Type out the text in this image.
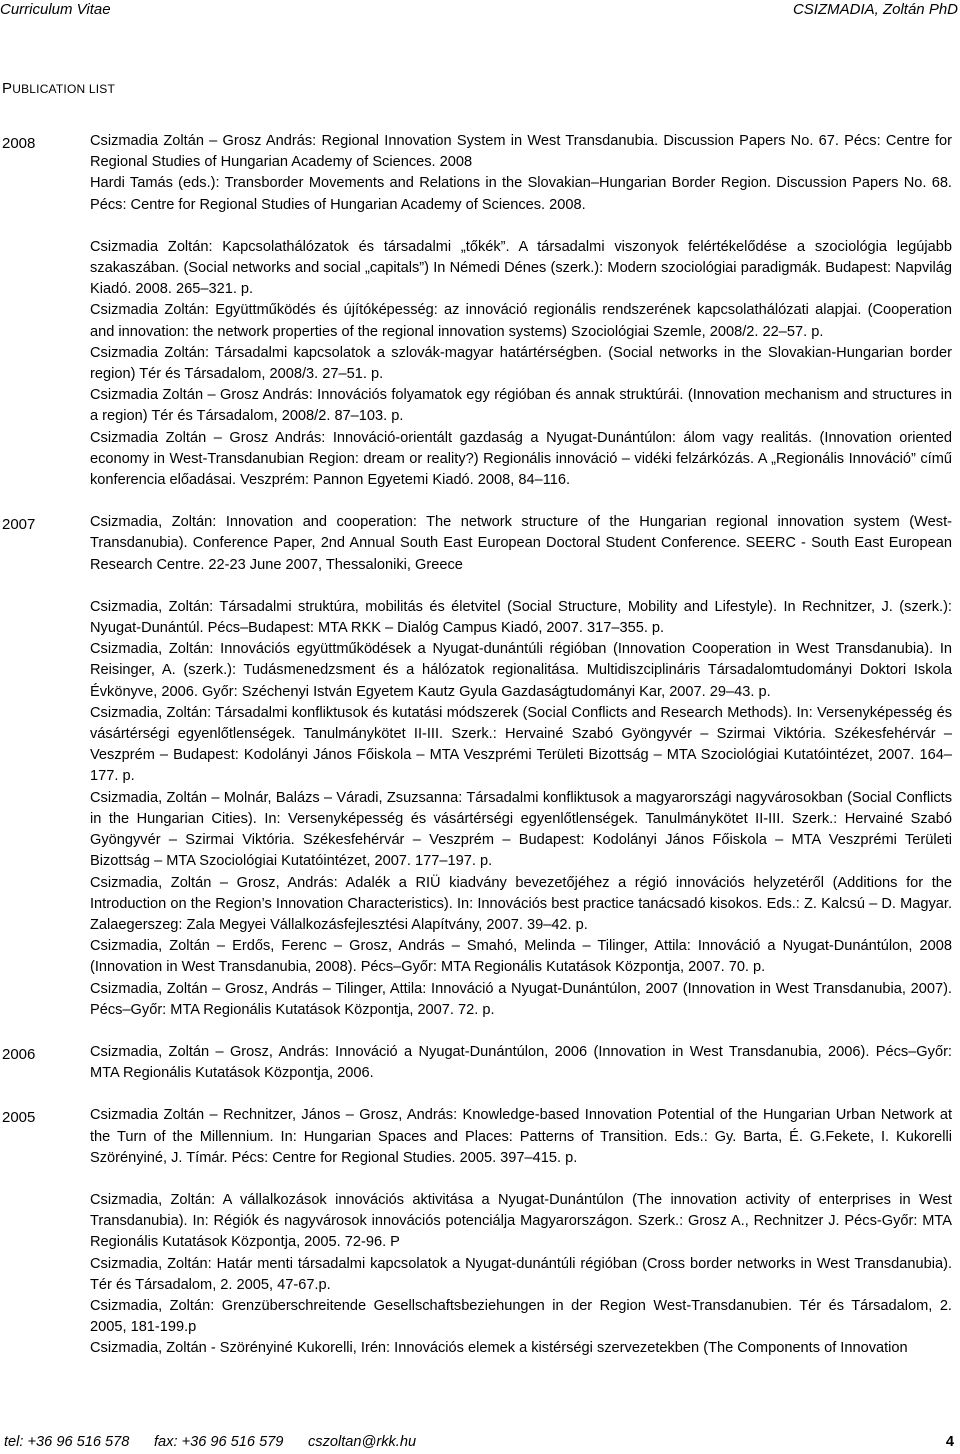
Curriculum Vitae	CSIZMADIA, Zoltán PhD
PUBLICATION LIST
2008	Csizmadia Zoltán – Grosz András: Regional Innovation System in West Transdanubia. Discussion Papers No. 67. Pécs: Centre for Regional Studies of Hungarian Academy of Sciences. 2008
Hardi Tamás (eds.): Transborder Movements and Relations in the Slovakian–Hungarian Border Region. Discussion Papers No. 68. Pécs: Centre for Regional Studies of Hungarian Academy of Sciences. 2008.
Csizmadia Zoltán: Kapcsolathálózatok és társadalmi „tőkék”. A társadalmi viszonyok felértékelődése a szociológia legújabb szakaszában. (Social networks and social „capitals”) In Némedi Dénes (szerk.): Modern szociológiai paradigmák. Budapest: Napvilág Kiadó. 2008. 265–321. p.
Csizmadia Zoltán: Együttműködés és újítóképesség: az innováció regionális rendszerének kapcsolathálózati alapjai. (Cooperation and innovation: the network properties of the regional innovation systems) Szociológiai Szemle, 2008/2. 22–57. p.
Csizmadia Zoltán: Társadalmi kapcsolatok a szlovák-magyar határtérségben. (Social networks in the Slovakian-Hungarian border region) Tér és Társadalom, 2008/3. 27–51. p.
Csizmadia Zoltán – Grosz András: Innovációs folyamatok egy régióban és annak struktúrái. (Innovation mechanism and structures in a region) Tér és Társadalom, 2008/2. 87–103. p.
Csizmadia Zoltán – Grosz András: Innováció-orientált gazdaság a Nyugat-Dunántúlon: álom vagy realitás. (Innovation oriented economy in West-Transdanubian Region: dream or reality?) Regionális innováció – vidéki felzárkózás. A „Regionális Innováció” című konferencia előadásai. Veszprém: Pannon Egyetemi Kiadó. 2008, 84–116.
2007	Csizmadia, Zoltán: Innovation and cooperation: The network structure of the Hungarian regional innovation system (West-Transdanubia). Conference Paper, 2nd Annual South East European Doctoral Student Conference. SEERC - South East European Research Centre. 22-23 June 2007, Thessaloniki, Greece
Csizmadia, Zoltán: Társadalmi struktúra, mobilitás és életvitel (Social Structure, Mobility and Lifestyle). In Rechnitzer, J. (szerk.): Nyugat-Dunántúl. Pécs–Budapest: MTA RKK – Dialóg Campus Kiadó, 2007. 317–355. p.
Csizmadia, Zoltán: Innovációs együttműködések a Nyugat-dunántúli régióban (Innovation Cooperation in West Transdanubia). In Reisinger, A. (szerk.): Tudásmenedzsment és a hálózatok regionalitása. Multidiszciplináris Társadalomtudományi Doktori Iskola Évkönyve, 2006. Győr: Széchenyi István Egyetem Kautz Gyula Gazdaságtudományi Kar, 2007. 29–43. p.
Csizmadia, Zoltán: Társadalmi konfliktusok és kutatási módszerek (Social Conflicts and Research Methods). In: Versenyképesség és vásártérségi egyenlőtlenségek. Tanulmánykötet II-III. Szerk.: Hervainé Szabó Gyöngyvér – Szirmai Viktória. Székesfehérvár – Veszprém – Budapest: Kodolányi János Főiskola – MTA Veszprémi Területi Bizottság – MTA Szociológiai Kutatóintézet, 2007. 164–177. p.
Csizmadia, Zoltán – Molnár, Balázs – Váradi, Zsuzsanna: Társadalmi konfliktusok a magyarországi nagyvárosokban (Social Conflicts in the Hungarian Cities). In: Versenyképesség és vásártérségi egyenlőtlenségek. Tanulmánykötet II-III. Szerk.: Hervainé Szabó Gyöngyvér – Szirmai Viktória. Székesfehérvár – Veszprém – Budapest: Kodolányi János Főiskola – MTA Veszprémi Területi Bizottság – MTA Szociológiai Kutatóintézet, 2007. 177–197. p.
Csizmadia, Zoltán – Grosz, András: Adalék a RIÜ kiadvány bevezetőjéhez a régió innovációs helyzetéről (Additions for the Introduction on the Region’s Innovation Characteristics). In: Innovációs best practice tanácsadó kisokos. Eds.: Z. Kalcsú – D. Magyar. Zalaegerszeg: Zala Megyei Vállalkozásfejlesztési Alapítvány, 2007. 39–42. p.
Csizmadia, Zoltán – Erdős, Ferenc – Grosz, András – Smahó, Melinda – Tilinger, Attila: Innováció a Nyugat-Dunántúlon, 2008 (Innovation in West Transdanubia, 2008). Pécs–Győr: MTA Regionális Kutatások Központja, 2007. 70. p.
Csizmadia, Zoltán – Grosz, András – Tilinger, Attila: Innováció a Nyugat-Dunántúlon, 2007 (Innovation in West Transdanubia, 2007). Pécs–Győr: MTA Regionális Kutatások Központja, 2007. 72. p.
2006	Csizmadia, Zoltán – Grosz, András: Innováció a Nyugat-Dunántúlon, 2006 (Innovation in West Transdanubia, 2006). Pécs–Győr: MTA Regionális Kutatások Központja, 2006.
2005	Csizmadia Zoltán – Rechnitzer, János – Grosz, András: Knowledge-based Innovation Potential of the Hungarian Urban Network at the Turn of the Millennium. In: Hungarian Spaces and Places: Patterns of Transition. Eds.: Gy. Barta, É. G.Fekete, I. Kukorelli Szörényiné, J. Tímár. Pécs: Centre for Regional Studies. 2005. 397–415. p.
Csizmadia, Zoltán: A vállalkozások innovációs aktivitása a Nyugat-Dunántúlon (The innovation activity of enterprises in West Transdanubia). In: Régiók és nagyvárosok innovációs potenciálja Magyarországon. Szerk.: Grosz A., Rechnitzer J. Pécs-Győr: MTA Regionális Kutatások Központja, 2005. 72-96. P
Csizmadia, Zoltán: Határ menti társadalmi kapcsolatok a Nyugat-dunántúli régióban (Cross border networks in West Transdanubia). Tér és Társadalom, 2. 2005, 47-67.p.
Csizmadia, Zoltán: Grenzüberschreitende Gesellschaftsbeziehungen in der Region West-Transdanubien. Tér és Társadalom, 2. 2005, 181-199.p
Csizmadia, Zoltán - Szörényiné Kukorelli, Irén: Innovációs elemek a kistérségi szervezetekben (The Components of Innovation
tel: +36 96 516 578 fax: +36 96 516 579 cszoltan@rkk.hu	4
